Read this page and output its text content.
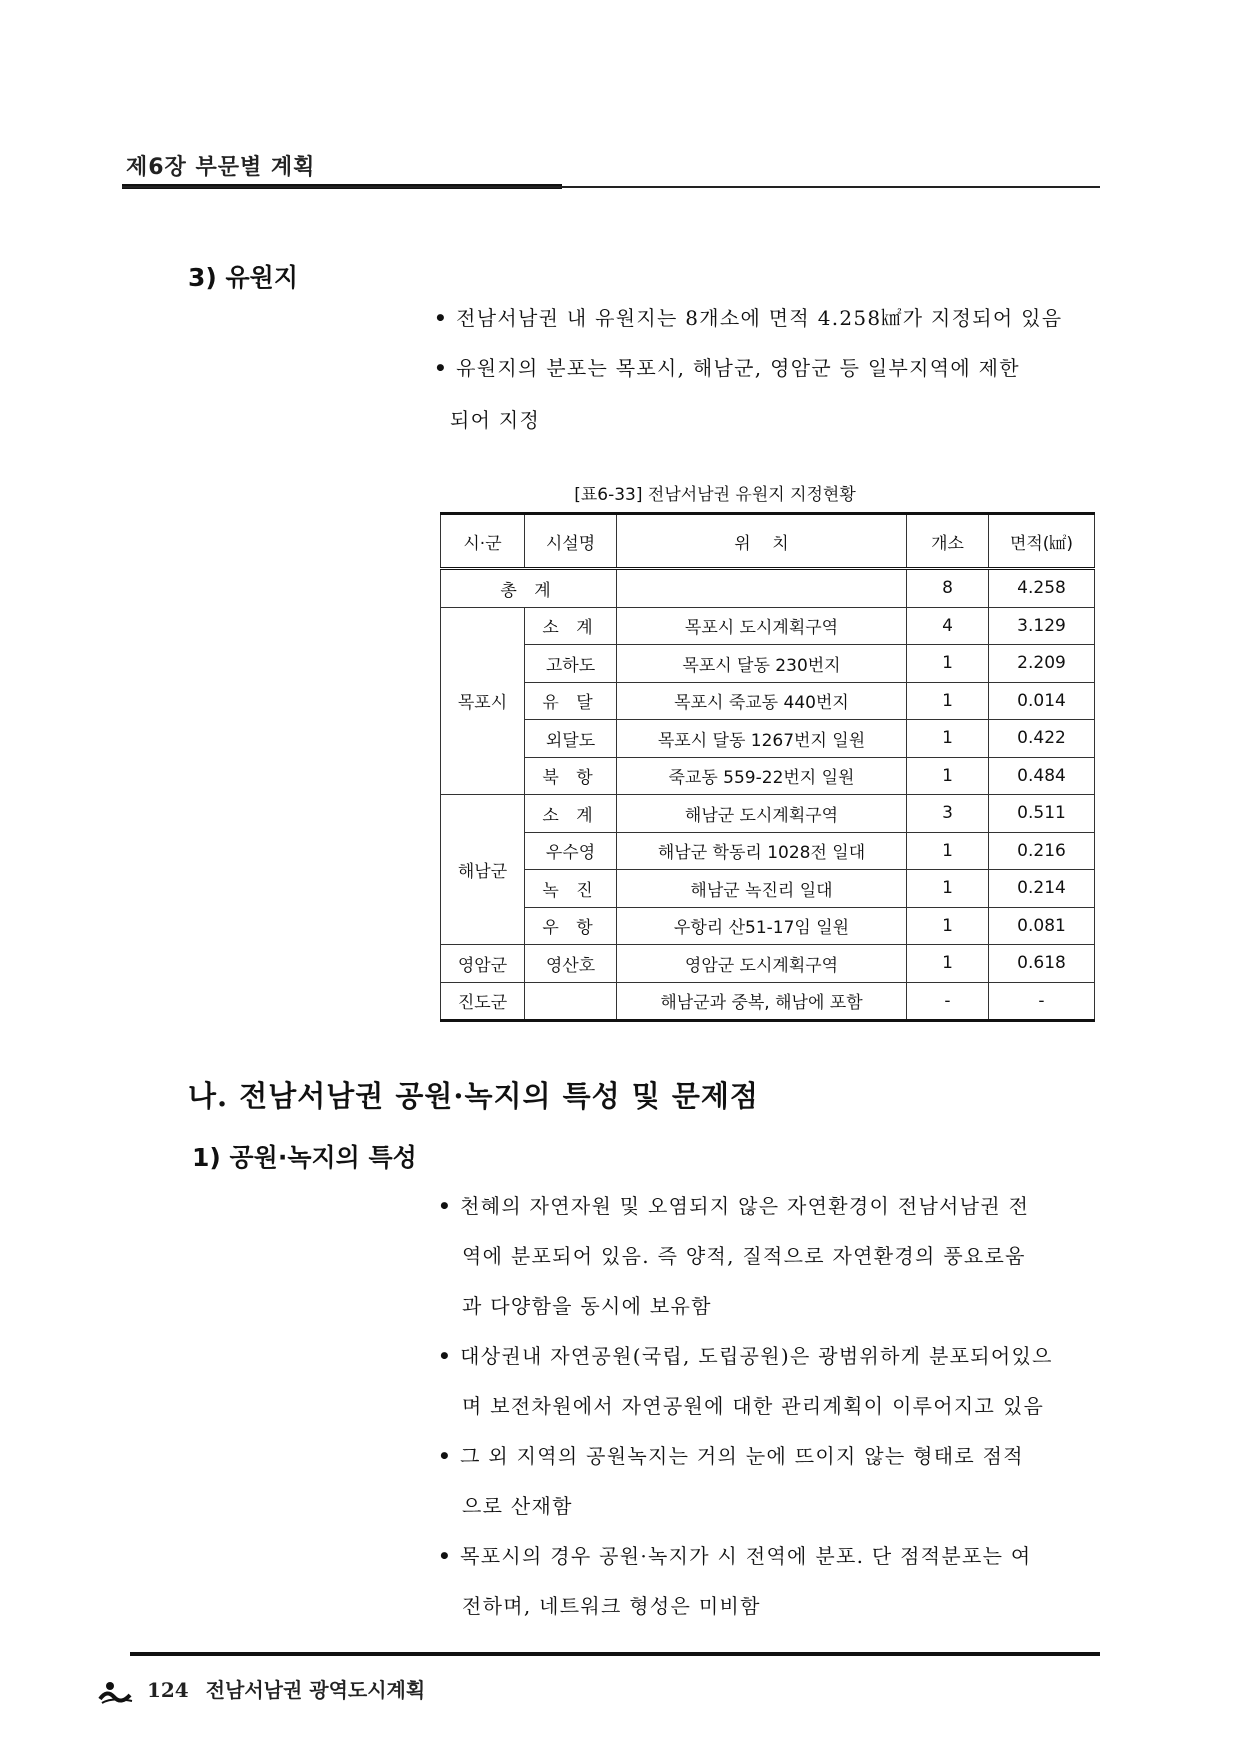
제6장 부문별 계획
3) 유원지
• 전남서남권 내 유원지는 8개소에 면적 4.258㎢가 지정되어 있음
• 유원지의 분포는 목포시, 해남군, 영암군 등 일부지역에 제한
되어 지정
[표6-33] 전남서남권 유원지 지정현황
시·군	시설명	위    치	개소	면적(㎢)
총 계			8	4.258
목포시	소 계	목포시 도시계획구역	4	3.129
	고하도	목포시 달동 230번지	1	2.209
	유 달	목포시 죽교동 440번지	1	0.014
	외달도	목포시 달동 1267번지 일원	1	0.422
	북 항	죽교동 559-22번지 일원	1	0.484
해남군	소 계	해남군 도시계획구역	3	0.511
	우수영	해남군 학동리 1028전 일대	1	0.216
	녹 진	해남군 녹진리 일대	1	0.214
	우 항	우항리 산51-17임 일원	1	0.081
영암군	영산호	영암군 도시계획구역	1	0.618
진도군		해남군과 중복, 해남에 포함	-	-
나. 전남서남권 공원·녹지의 특성 및 문제점
1) 공원·녹지의 특성
• 천혜의 자연자원 및 오염되지 않은 자연환경이 전남서남권 전
역에 분포되어 있음. 즉 양적, 질적으로 자연환경의 풍요로움
과 다양함을 동시에 보유함
• 대상권내 자연공원(국립, 도립공원)은 광범위하게 분포되어있으
며 보전차원에서 자연공원에 대한 관리계획이 이루어지고 있음
• 그 외 지역의 공원녹지는 거의 눈에 뜨이지 않는 형태로 점적
으로 산재함
• 목포시의 경우 공원·녹지가 시 전역에 분포. 단 점적분포는 여
전하며, 네트워크 형성은 미비함
124 전남서남권 광역도시계획
